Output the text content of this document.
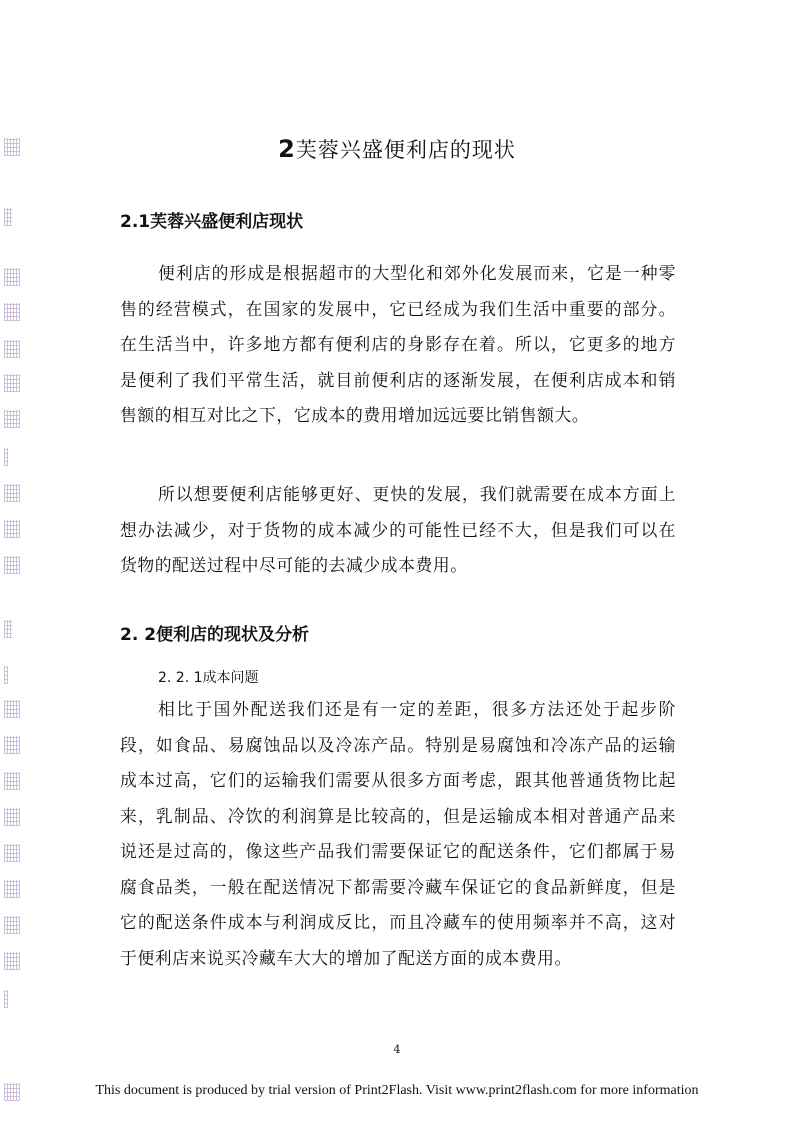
2芙蓉兴盛便利店的现状
2.1芙蓉兴盛便利店现状
便利店的形成是根据超市的大型化和郊外化发展而来，它是一种零售的经营模式，在国家的发展中，它已经成为我们生活中重要的部分。在生活当中，许多地方都有便利店的身影存在着。所以，它更多的地方是便利了我们平常生活，就目前便利店的逐渐发展，在便利店成本和销售额的相互对比之下，它成本的费用增加远远要比销售额大。
所以想要便利店能够更好、更快的发展，我们就需要在成本方面上想办法减少，对于货物的成本减少的可能性已经不大，但是我们可以在货物的配送过程中尽可能的去减少成本费用。
2. 2便利店的现状及分析
2. 2. 1成本问题
相比于国外配送我们还是有一定的差距，很多方法还处于起步阶段，如食品、易腐蚀品以及冷冻产品。特别是易腐蚀和冷冻产品的运输成本过高，它们的运输我们需要从很多方面考虑，跟其他普通货物比起来，乳制品、冷饮的利润算是比较高的，但是运输成本相对普通产品来说还是过高的，像这些产品我们需要保证它的配送条件，它们都属于易腐食品类，一般在配送情况下都需要冷藏车保证它的食品新鲜度，但是它的配送条件成本与利润成反比，而且冷藏车的使用频率并不高，这对于便利店来说买冷藏车大大的增加了配送方面的成本费用。
4
This document is produced by trial version of Print2Flash. Visit www.print2flash.com for more information
